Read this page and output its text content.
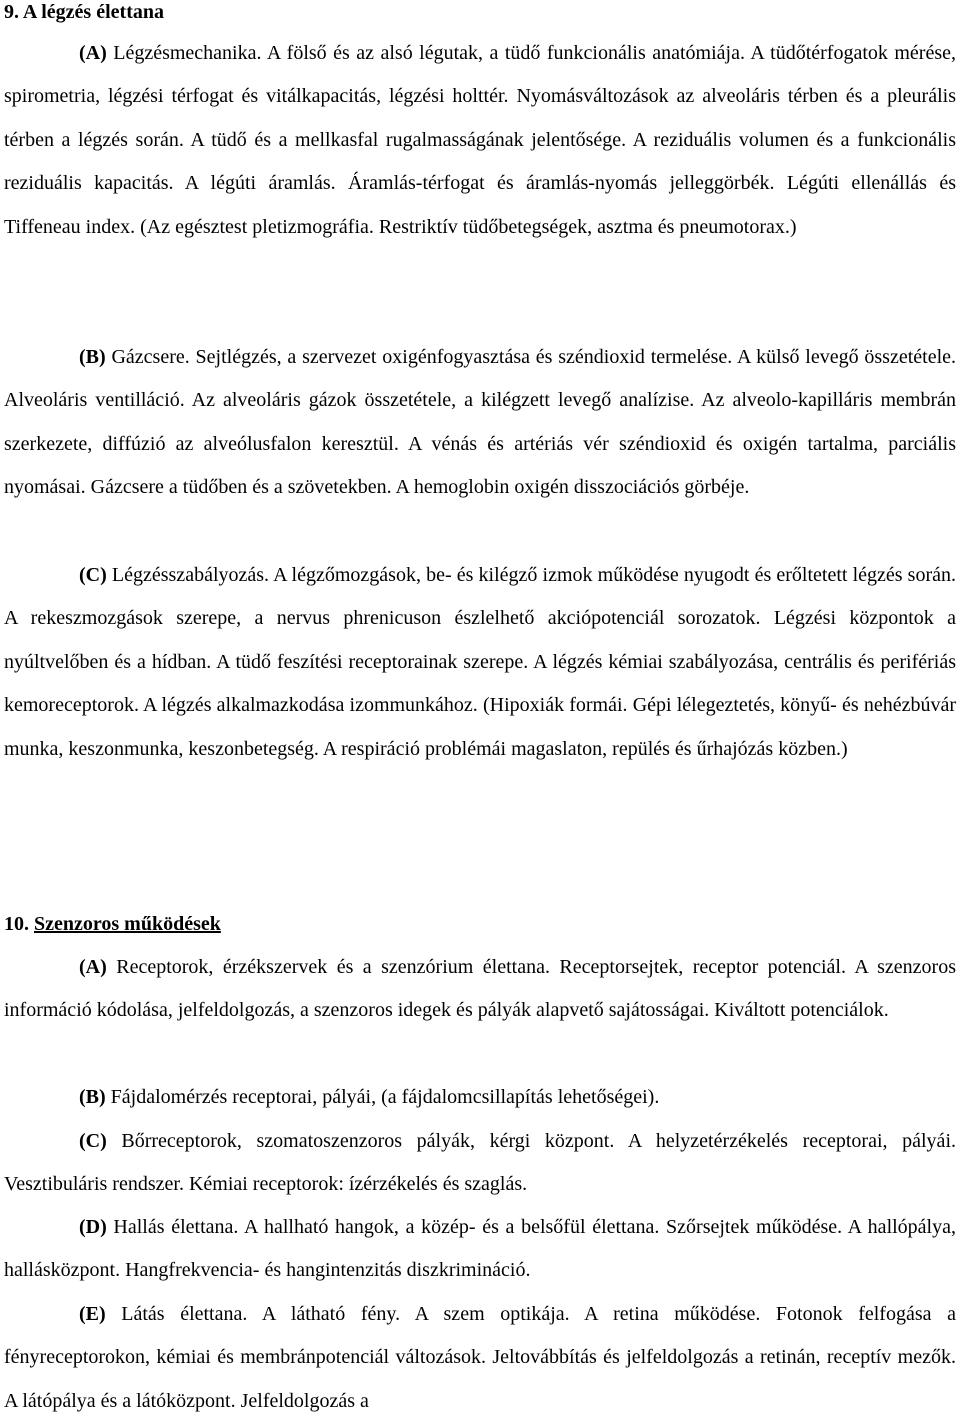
9. A légzés élettana

(A) Légzésmechanika. A fölső és az alsó légutak, a tüdő funkcionális anatómiája. A tüdőtérfogatok mérése, spirometria, légzési térfogat és vitálkapacitás, légzési holttér. Nyomásváltozások az alveoláris térben és a pleurális térben a légzés során. A tüdő és a mellkasfal rugalmasságának jelentősége. A reziduális volumen és a funkcionális reziduális kapacitás. A légúti áramlás. Áramlás-térfogat és áramlás-nyomás jelleggörbék. Légúti ellenállás és Tiffeneau index. (Az egésztest pletizmográfia. Restriktív tüdőbetegségek, asztma és pneumotorax.)

(B) Gázcsere. Sejtlégzés, a szervezet oxigénfogyasztása és széndioxid termelése. A külső levegő összetétele. Alveoláris ventilláció. Az alveoláris gázok összetétele, a kilégzett levegő analízise. Az alveolo-kapilláris membrán szerkezete, diffúzió az alveólusfalon keresztül. A vénás és artériás vér széndioxid és oxigén tartalma, parciális nyomásai. Gázcsere a tüdőben és a szövetekben. A hemoglobin oxigén disszociációs görbéje.

(C) Légzésszabályozás. A légzőmozgások, be- és kilégző izmok működése nyugodt és erőltetett légzés során. A rekeszmozgások szerepe, a nervus phrenicuson észlelhető akciópotenciál sorozatok. Légzési központok a nyúltvelőben és a hídban. A tüdő feszítési receptorainak szerepe. A légzés kémiai szabályozása, centrális és perifériás kemoreceptorok. A légzés alkalmazkodása izommunkához. (Hipoxiák formái. Gépi lélegeztetés, könyű- és nehézbúvár munka, keszonmunka, keszonbetegség. A respiráció problémái magaslaton, repülés és űrhajózás közben.)

10. Szenzoros működések

(A) Receptorok, érzékszervek és a szenzórium élettana. Receptorsejtek, receptor potenciál. A szenzoros információ kódolása, jelfeldolgozás, a szenzoros idegek és pályák alapvető sajátosságai. Kiváltott potenciálok.

(B) Fájdalomérzés receptorai, pályái, (a fájdalomcsillapítás lehetőségei).

(C) Bőrreceptorok, szomatoszenzoros pályák, kérgi központ. A helyzetérzékelés receptorai, pályái. Vesztibuláris rendszer. Kémiai receptorok: ízérzékelés és szaglás.

(D) Hallás élettana. A hallható hangok, a közép- és a belsőfül élettana. Szőrsejtek működése. A hallópálya, hallásközpont. Hangfrekvencia- és hangintenzitás diszkrimináció.

(E) Látás élettana. A látható fény. A szem optikája. A retina működése. Fotonok felfogása a fényreceptorokon, kémiai és membránpotenciál változások. Jeltovábbítás és jelfeldolgozás a retinán, receptív mezők. A látópálya és a látóközpont. Jelfeldolgozás a
